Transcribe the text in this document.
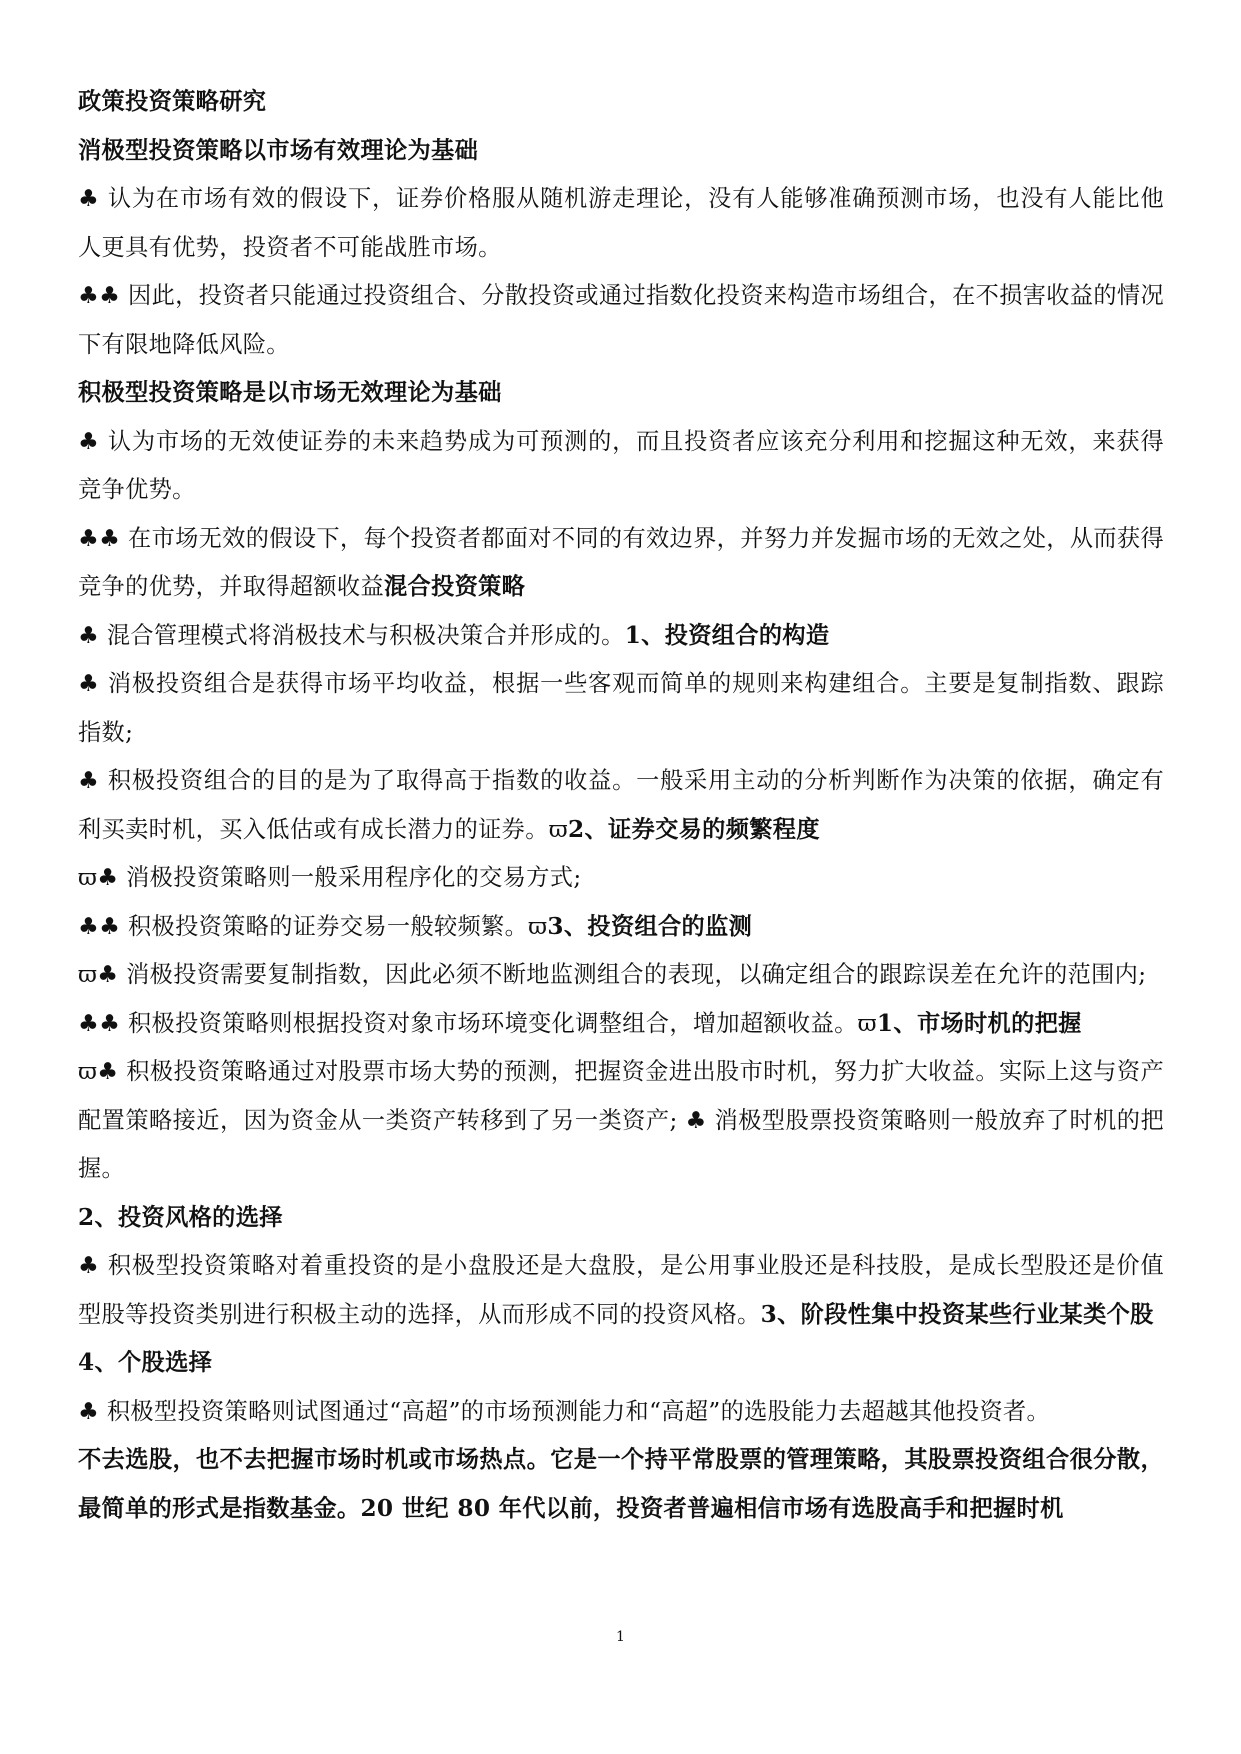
政策投资策略研究

消极型投资策略以市场有效理论为基础

♣ 认为在市场有效的假设下，证券价格服从随机游走理论，没有人能够准确预测市场，也没有人能比他人更具有优势，投资者不可能战胜市场。

♣♣ 因此，投资者只能通过投资组合、分散投资或通过指数化投资来构造市场组合，在不损害收益的情况下有限地降低风险。

积极型投资策略是以市场无效理论为基础

♣ 认为市场的无效使证券的未来趋势成为可预测的，而且投资者应该充分利用和挖掘这种无效，来获得竞争优势。

♣♣ 在市场无效的假设下，每个投资者都面对不同的有效边界，并努力并发掘市场的无效之处，从而获得竞争的优势，并取得超额收益混合投资策略

♣ 混合管理模式将消极技术与积极决策合并形成的。1、投资组合的构造

♣ 消极投资组合是获得市场平均收益，根据一些客观而简单的规则来构建组合。主要是复制指数、跟踪指数;

♣ 积极投资组合的目的是为了取得高于指数的收益。一般采用主动的分析判断作为决策的依据，确定有利买卖时机，买入低估或有成长潜力的证券。ϖ2、证券交易的频繁程度

ϖ♣ 消极投资策略则一般采用程序化的交易方式;

♣♣ 积极投资策略的证券交易一般较频繁。ϖ3、投资组合的监测

ϖ♣ 消极投资需要复制指数，因此必须不断地监测组合的表现，以确定组合的跟踪误差在允许的范围内;

♣♣ 积极投资策略则根据投资对象市场环境变化调整组合，增加超额收益。ϖ1、市场时机的把握

ϖ♣ 积极投资策略通过对股票市场大势的预测，把握资金进出股市时机，努力扩大收益。实际上这与资产配置策略接近，因为资金从一类资产转移到了另一类资产; ♣ 消极型股票投资策略则一般放弃了时机的把握。

2、投资风格的选择

♣ 积极型投资策略对着重投资的是小盘股还是大盘股，是公用事业股还是科技股，是成长型股还是价值型股等投资类别进行积极主动的选择，从而形成不同的投资风格。3、阶段性集中投资某些行业某类个股

4、个股选择

♣ 积极型投资策略则试图通过“高超”的市场预测能力和“高超”的选股能力去超越其他投资者。

不去选股，也不去把握市场时机或市场热点。它是一个持平常股票的管理策略，其股票投资组合很分散，最简单的形式是指数基金。20 世纪 80 年代以前，投资者普遍相信市场有选股高手和把握时机

1
